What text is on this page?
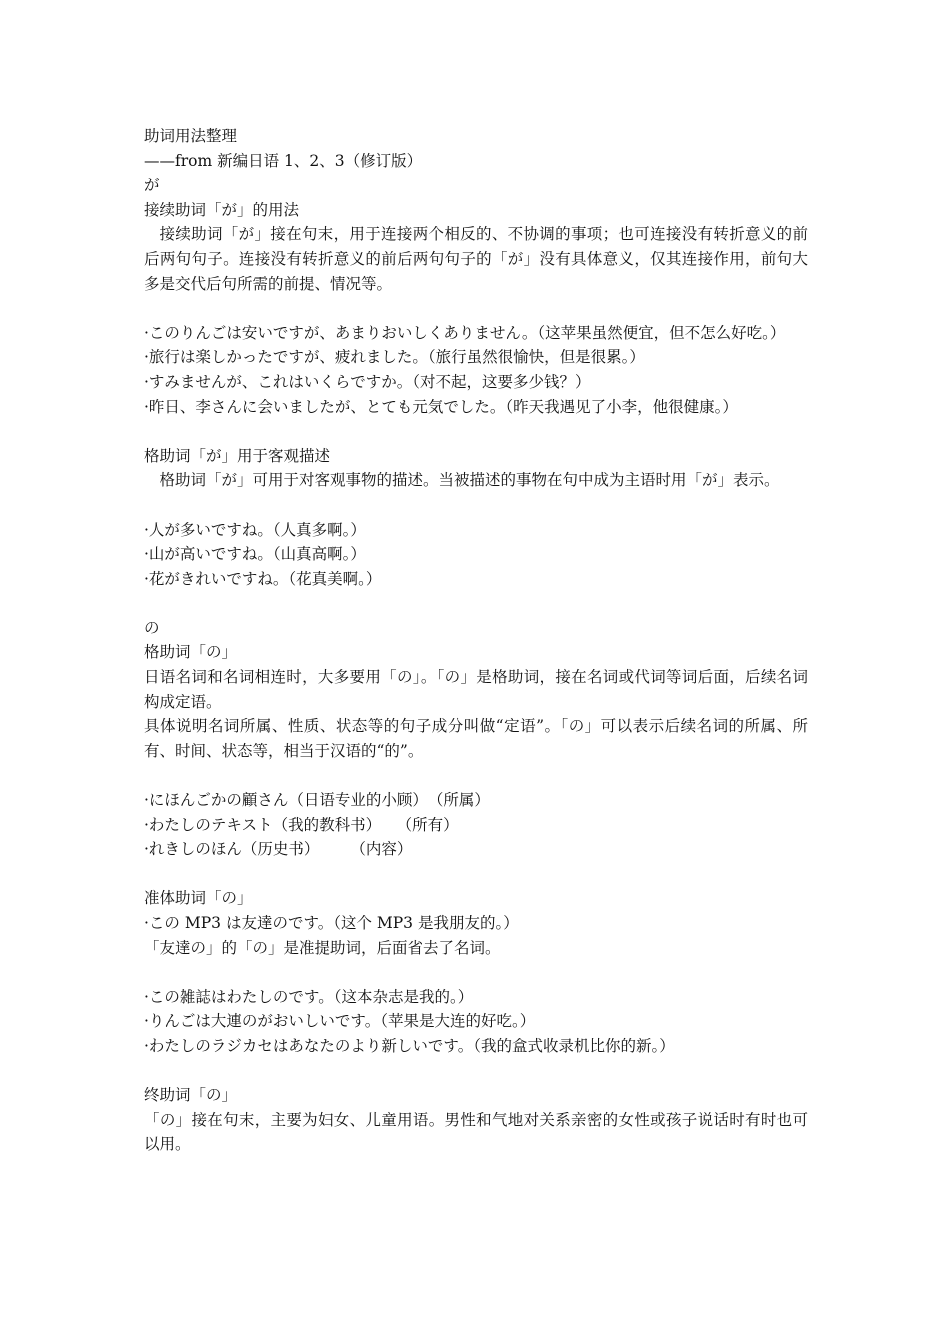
助词用法整理

——from 新编日语 1、2、3（修订版）

が

接续助词「が」的用法

接续助词「が」接在句末，用于连接两个相反的、不协调的事项；也可连接没有转折意义的前后两句句子。连接没有转折意义的前后两句句子的「が」没有具体意义，仅其连接作用，前句大多是交代后句所需的前提、情况等。

·このりんごは安いですが、あまりおいしくありません。（这苹果虽然便宜，但不怎么好吃。）

·旅行は楽しかったですが、疲れました。（旅行虽然很愉快，但是很累。）

·すみませんが、これはいくらですか。（对不起，这要多少钱？）

·昨日、李さんに会いましたが、とても元気でした。（昨天我遇见了小李，他很健康。）

格助词「が」用于客观描述

格助词「が」可用于对客观事物的描述。当被描述的事物在句中成为主语时用「が」表示。

·人が多いですね。（人真多啊。）

·山が高いですね。（山真高啊。）

·花がきれいですね。（花真美啊。）

の

格助词「の」

日语名词和名词相连时，大多要用「の」。「の」是格助词，接在名词或代词等词后面，后续名词构成定语。

具体说明名词所属、性质、状态等的句子成分叫做“定语”。「の」可以表示后续名词的所属、所有、时间、状态等，相当于汉语的“的”。

·にほんごかの顧さん（日语专业的小顾）　（所属）

·わたしのテキスト（我的教科书）　　（所有）

·れきしのほん（历史书）　　　（内容）

准体助词「の」

·この MP3 は友達のです。（这个 MP3 是我朋友的。）

「友達の」的「の」是准提助词，后面省去了名词。

·この雑誌はわたしのです。（这本杂志是我的。）

·りんごは大連のがおいしいです。（苹果是大连的好吃。）

·わたしのラジカセはあなたのより新しいです。（我的盒式收录机比你的新。）

终助词「の」

「の」接在句末，主要为妇女、儿童用语。男性和气地对关系亲密的女性或孩子说话时有时也可以用。
